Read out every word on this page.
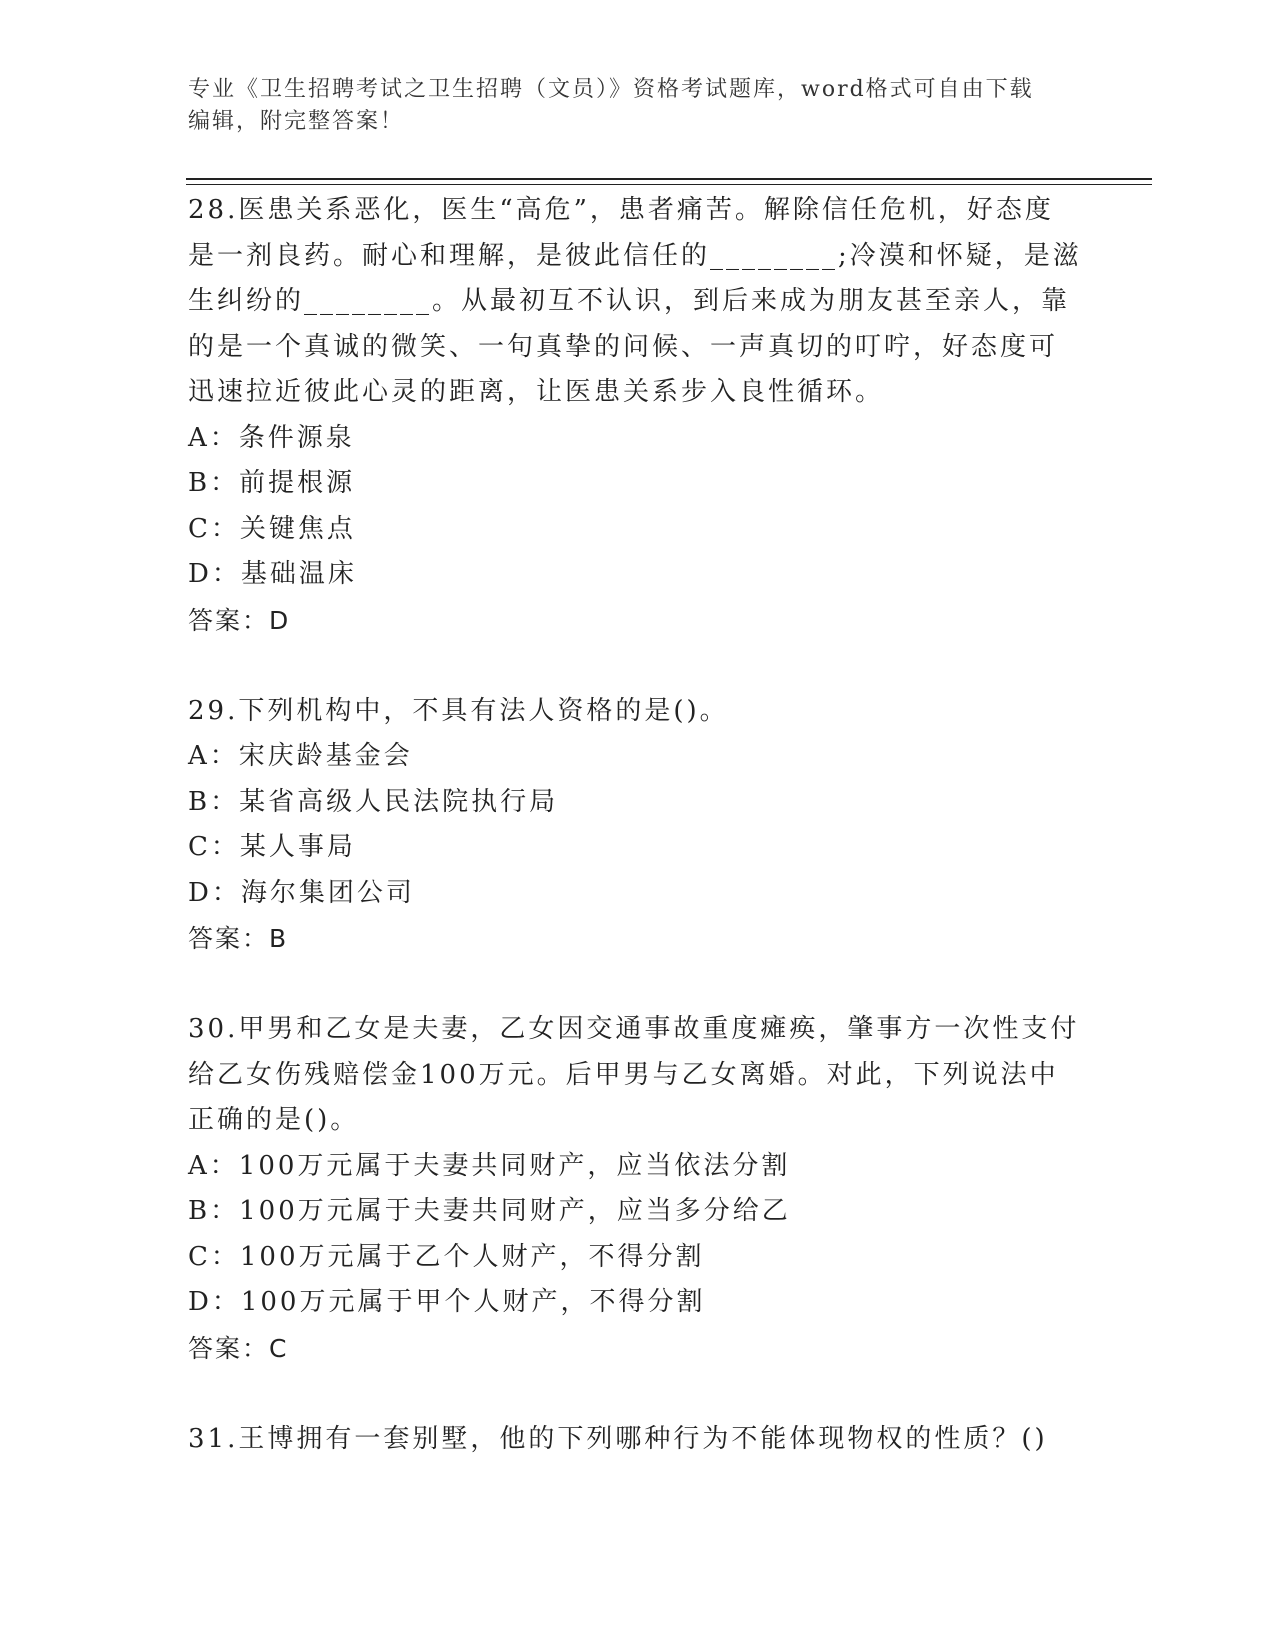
专业《卫生招聘考试之卫生招聘（文员）》资格考试题库，word格式可自由下载
编辑，附完整答案！
28.医患关系恶化，医生“高危”，患者痛苦。解除信任危机，好态度
是一剂良药。耐心和理解，是彼此信任的________;冷漠和怀疑，是滋
生纠纷的________。从最初互不认识，到后来成为朋友甚至亲人，靠
的是一个真诚的微笑、一句真挚的问候、一声真切的叮咛，好态度可
迅速拉近彼此心灵的距离，让医患关系步入良性循环。
A：条件源泉
B：前提根源
C：关键焦点
D：基础温床
答案：D
29.下列机构中，不具有法人资格的是()。
A：宋庆龄基金会
B：某省高级人民法院执行局
C：某人事局
D：海尔集团公司
答案：B
30.甲男和乙女是夫妻，乙女因交通事故重度瘫痪，肇事方一次性支付
给乙女伤残赔偿金100万元。后甲男与乙女离婚。对此，下列说法中
正确的是()。
A：100万元属于夫妻共同财产，应当依法分割
B：100万元属于夫妻共同财产，应当多分给乙
C：100万元属于乙个人财产，不得分割
D：100万元属于甲个人财产，不得分割
答案：C
31.王博拥有一套别墅，他的下列哪种行为不能体现物权的性质？()
